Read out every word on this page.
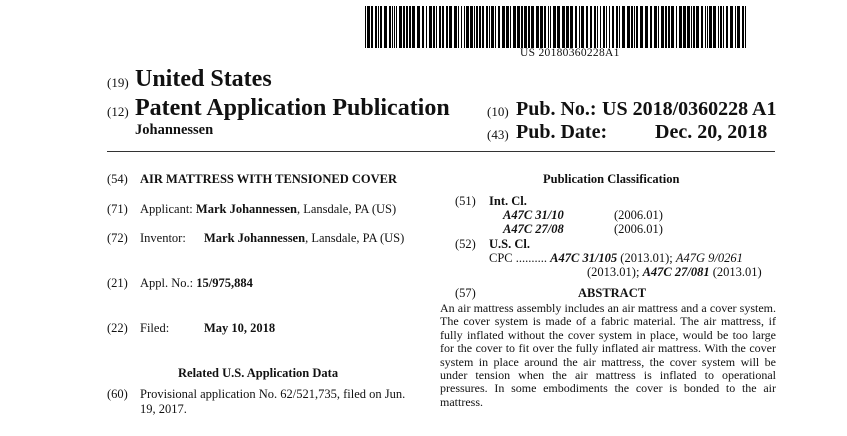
US 20180360228A1
(19) United States
(12) Patent Application Publication
Johannessen
(10) Pub. No.: US 2018/0360228 A1
(43) Pub. Date: Dec. 20, 2018
(54) AIR MATTRESS WITH TENSIONED COVER
(71) Applicant: Mark Johannessen, Lansdale, PA (US)
(72) Inventor: Mark Johannessen, Lansdale, PA (US)
(21) Appl. No.: 15/975,884
(22) Filed:	May 10, 2018
Related U.S. Application Data
(60) Provisional application No. 62/521,735, filed on Jun.
19, 2017.
Publication Classification
(51) Int. Cl.
A47C 31/10	(2006.01)
A47C 27/08	(2006.01)
(52) U.S. Cl.
CPC .......... A47C 31/105 (2013.01); A47G 9/0261
(2013.01); A47C 27/081 (2013.01)
(57)	ABSTRACT
An air mattress assembly includes an air mattress and a cover system. The cover system is made of a fabric material. The air mattress, if fully inflated without the cover system in place, would be too large for the cover to fit over the fully inflated air mattress. With the cover system in place around the air mattress, the cover system will be under tension when the air mattress is inflated to operational pressures. In some embodiments the cover is bonded to the air mattress.
